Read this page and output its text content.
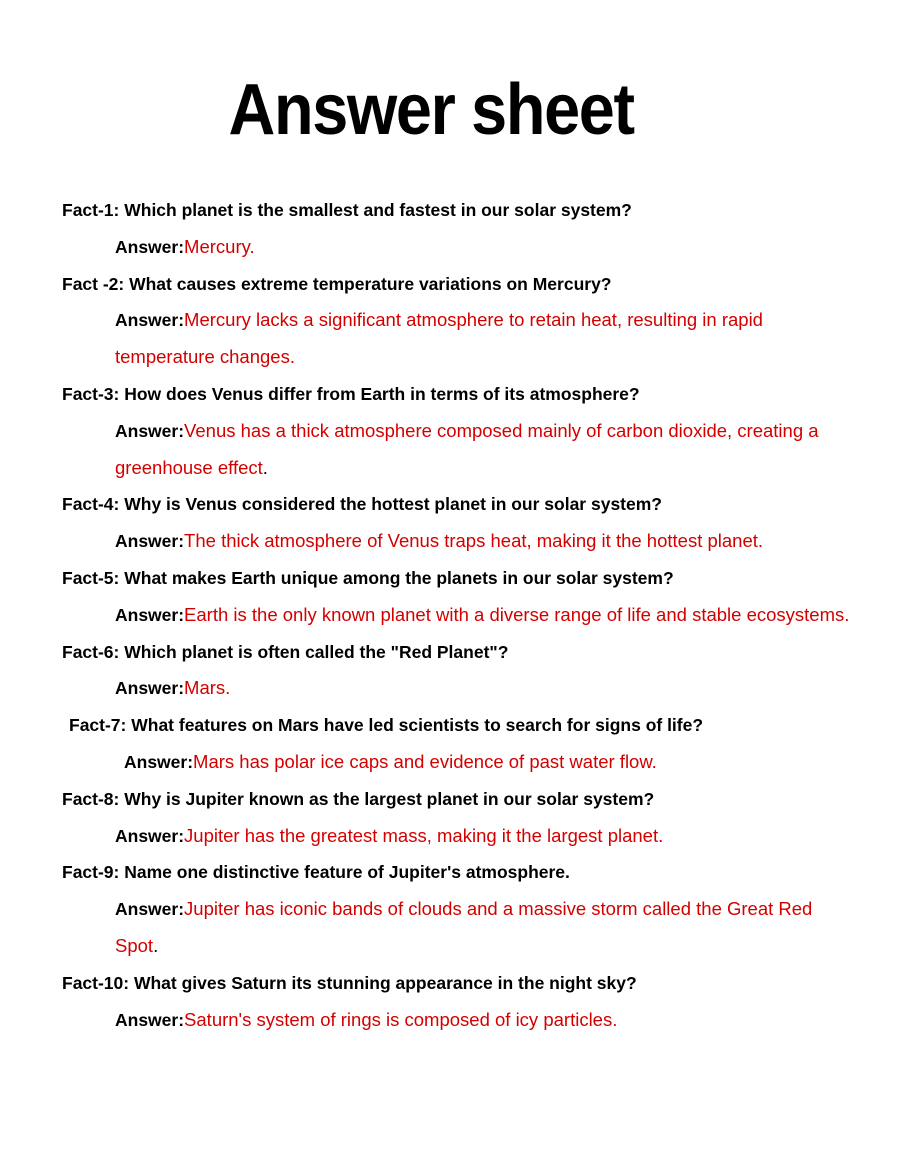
Answer sheet

Fact-1: Which planet is the smallest and fastest in our solar system?

Answer:Mercury.

Fact -2: What causes extreme temperature variations on Mercury?

Answer:Mercury lacks a significant atmosphere to retain heat, resulting in rapid temperature changes.

Fact-3: How does Venus differ from Earth in terms of its atmosphere?

Answer:Venus has a thick atmosphere composed mainly of carbon dioxide, creating a greenhouse effect.

Fact-4: Why is Venus considered the hottest planet in our solar system?

Answer:The thick atmosphere of Venus traps heat, making it the hottest planet.

Fact-5: What makes Earth unique among the planets in our solar system?

Answer:Earth is the only known planet with a diverse range of life and stable ecosystems.

Fact-6: Which planet is often called the "Red Planet"?

Answer:Mars.

Fact-7: What features on Mars have led scientists to search for signs of life?

Answer:Mars has polar ice caps and evidence of past water flow.

Fact-8: Why is Jupiter known as the largest planet in our solar system?

Answer:Jupiter has the greatest mass, making it the largest planet.

Fact-9: Name one distinctive feature of Jupiter's atmosphere.

Answer:Jupiter has iconic bands of clouds and a massive storm called the Great Red Spot.

Fact-10: What gives Saturn its stunning appearance in the night sky?

Answer:Saturn's system of rings is composed of icy particles.
